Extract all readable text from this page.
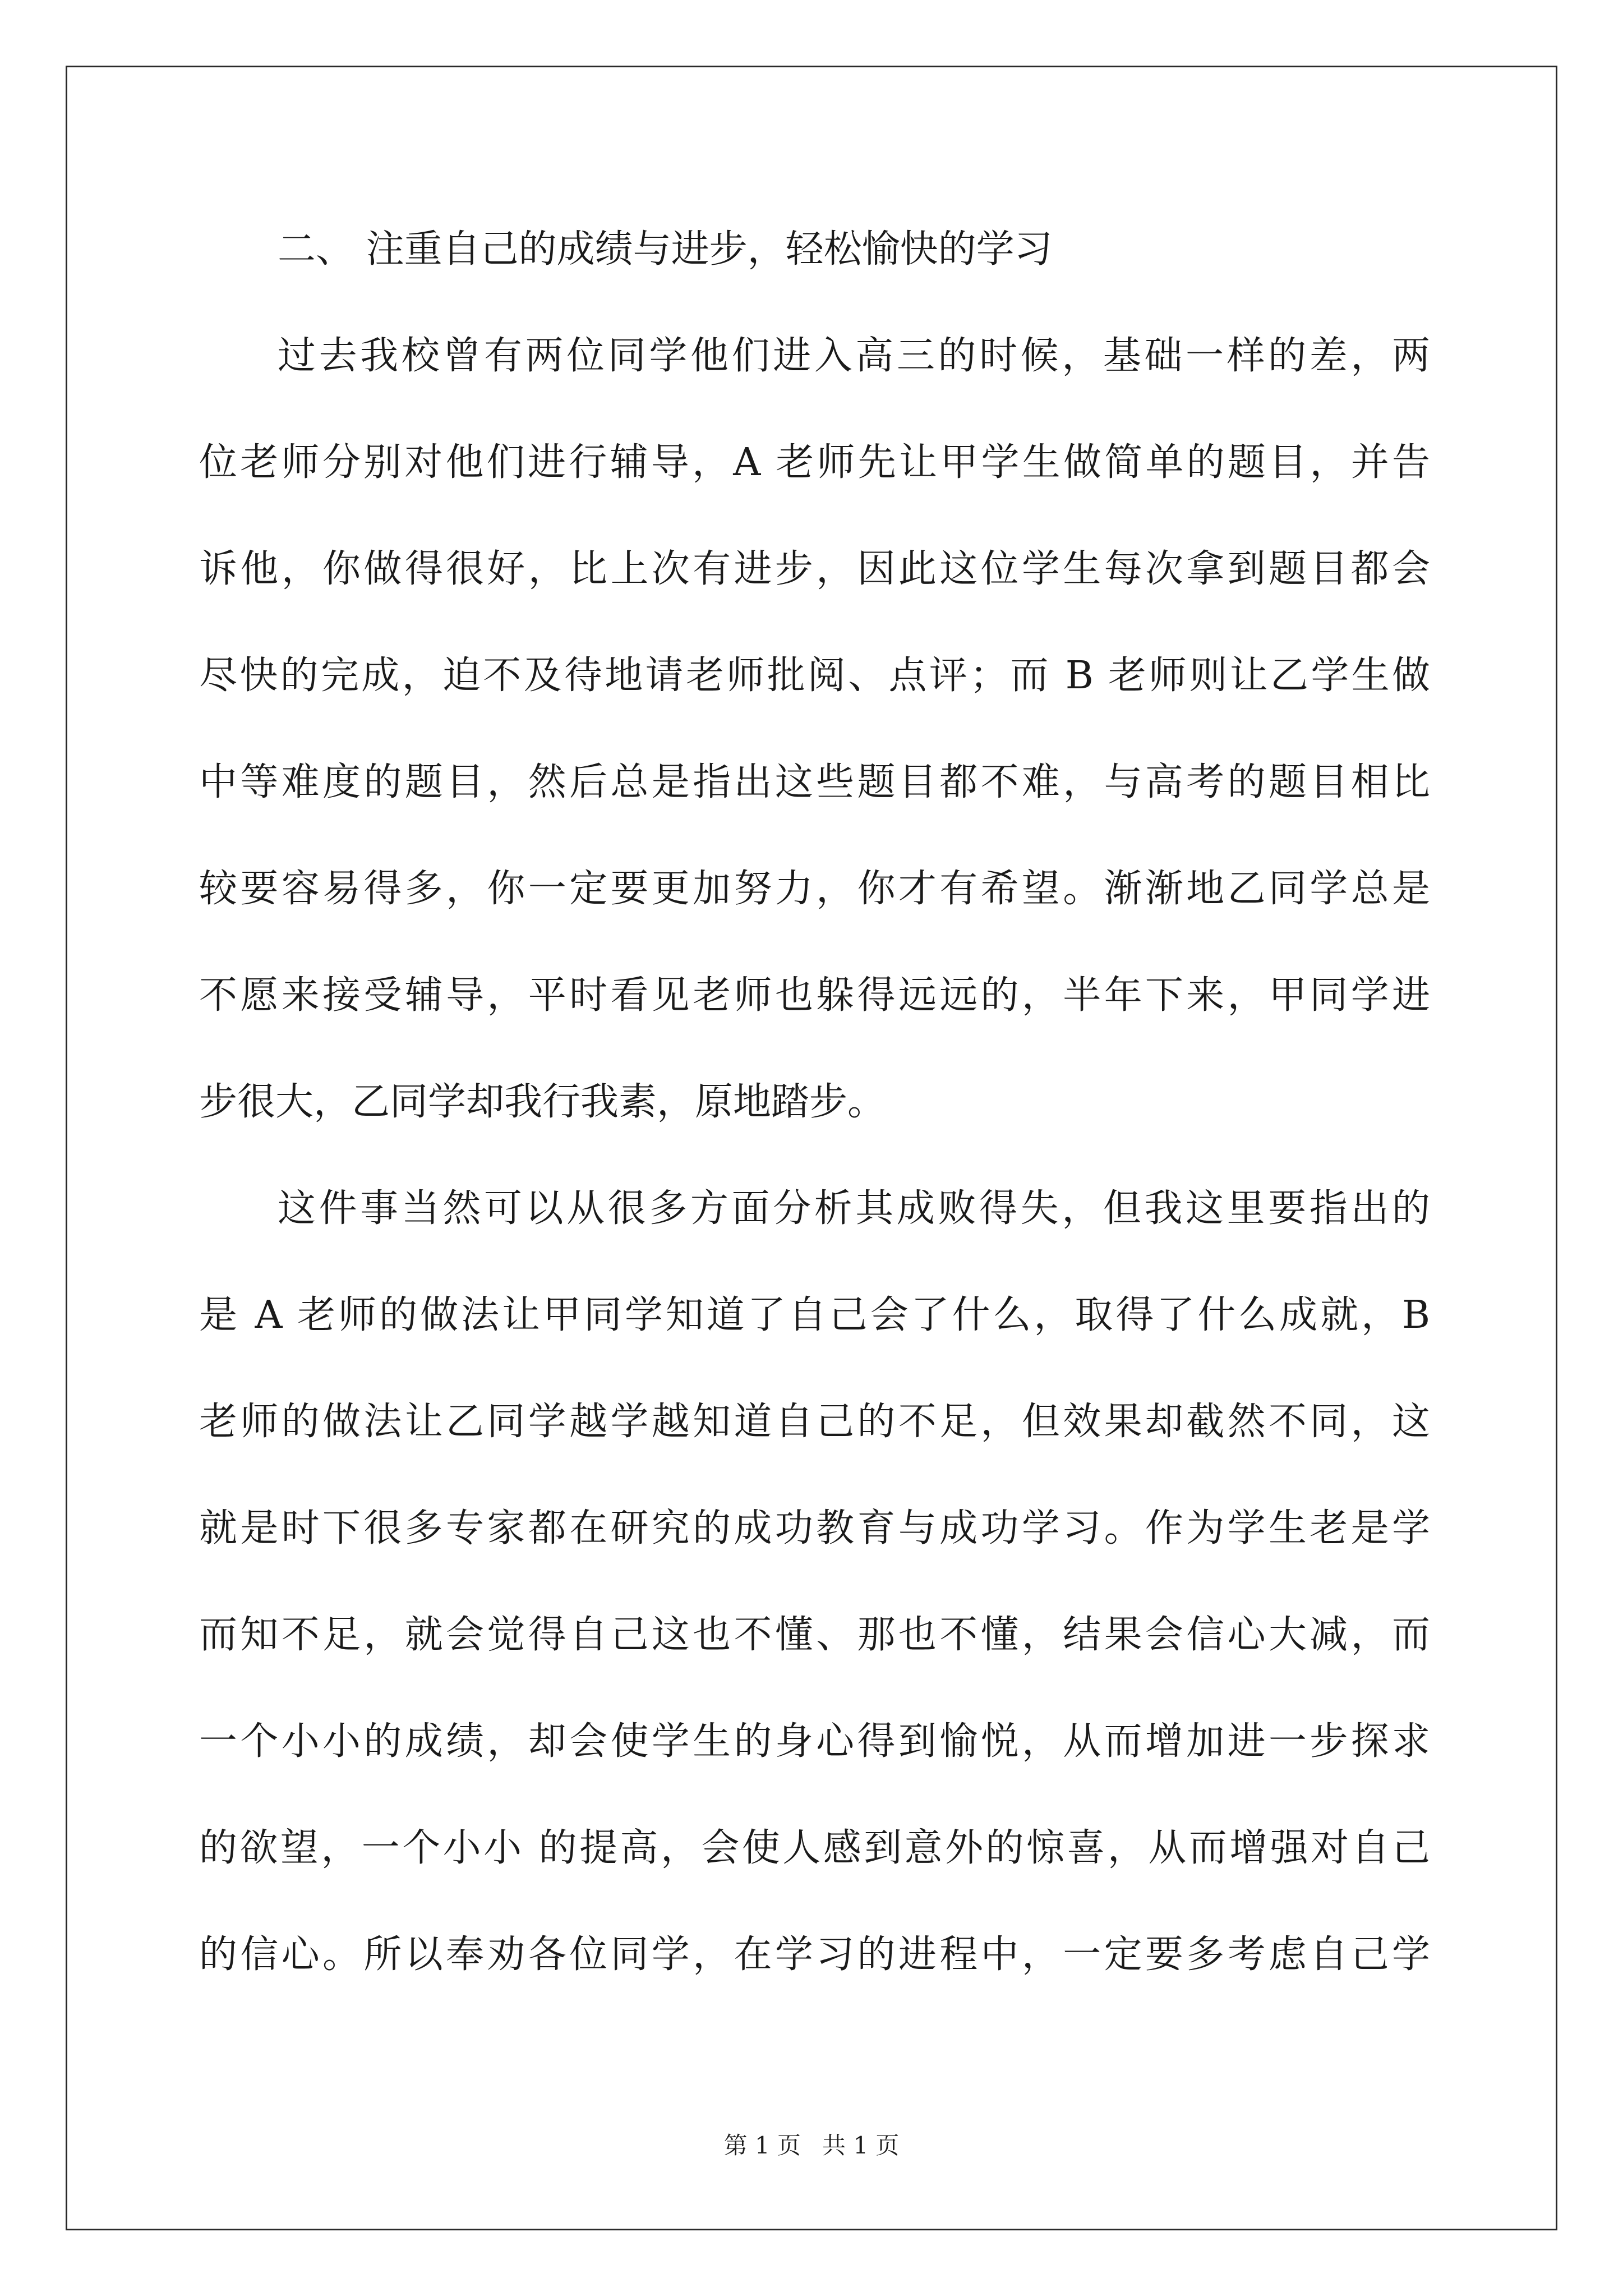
二、 注重自己的成绩与进步，轻松愉快的学习
过去我校曾有两位同学他们进入高三的时候，基础一样的差，两
位老师分别对他们进行辅导，A 老师先让甲学生做简单的题目，并告
诉他，你做得很好，比上次有进步，因此这位学生每次拿到题目都会
尽快的完成，迫不及待地请老师批阅、点评；而 B 老师则让乙学生做
中等难度的题目，然后总是指出这些题目都不难，与高考的题目相比
较要容易得多，你一定要更加努力，你才有希望。渐渐地乙同学总是
不愿来接受辅导，平时看见老师也躲得远远的，半年下来，甲同学进
步很大，乙同学却我行我素，原地踏步。
这件事当然可以从很多方面分析其成败得失，但我这里要指出的
是 A 老师的做法让甲同学知道了自己会了什么，取得了什么成就，B
老师的做法让乙同学越学越知道自己的不足，但效果却截然不同，这
就是时下很多专家都在研究的成功教育与成功学习。作为学生老是学
而知不足，就会觉得自己这也不懂、那也不懂，结果会信心大减，而
一个小小的成绩，却会使学生的身心得到愉悦，从而增加进一步探求
的欲望，一个小小 的提高，会使人感到意外的惊喜，从而增强对自己
的信心。所以奉劝各位同学，在学习的进程中，一定要多考虑自己学
第 1 页 共 1 页
